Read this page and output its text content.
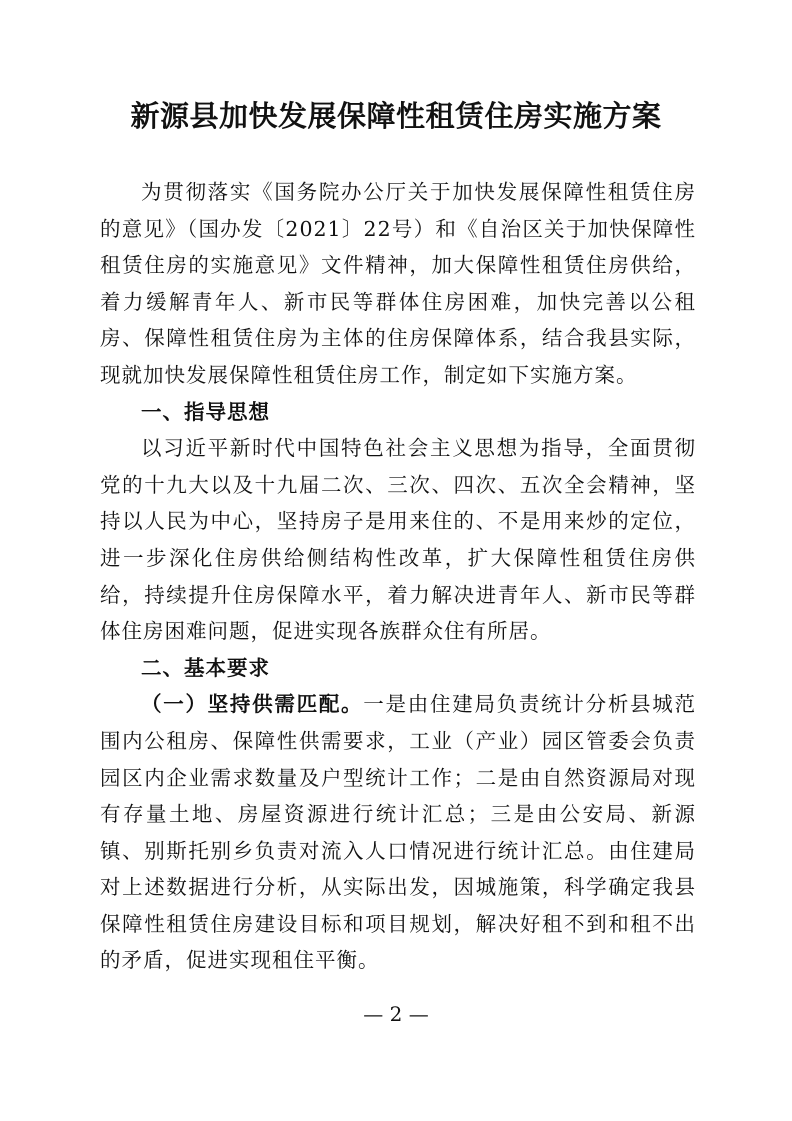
新源县加快发展保障性租赁住房实施方案

为贯彻落实《国务院办公厅关于加快发展保障性租赁住房的意见》（国办发〔2021〕22号）和《自治区关于加快保障性租赁住房的实施意见》文件精神，加大保障性租赁住房供给，着力缓解青年人、新市民等群体住房困难，加快完善以公租房、保障性租赁住房为主体的住房保障体系，结合我县实际，现就加快发展保障性租赁住房工作，制定如下实施方案。

一、指导思想

以习近平新时代中国特色社会主义思想为指导，全面贯彻党的十九大以及十九届二次、三次、四次、五次全会精神，坚持以人民为中心，坚持房子是用来住的、不是用来炒的定位，进一步深化住房供给侧结构性改革，扩大保障性租赁住房供给，持续提升住房保障水平，着力解决进青年人、新市民等群体住房困难问题，促进实现各族群众住有所居。

二、基本要求

（一）坚持供需匹配。一是由住建局负责统计分析县城范围内公租房、保障性供需要求，工业（产业）园区管委会负责园区内企业需求数量及户型统计工作；二是由自然资源局对现有存量土地、房屋资源进行统计汇总；三是由公安局、新源镇、别斯托别乡负责对流入人口情况进行统计汇总。由住建局对上述数据进行分析，从实际出发，因城施策，科学确定我县保障性租赁住房建设目标和项目规划，解决好租不到和租不出的矛盾，促进实现租住平衡。

— 2 —
